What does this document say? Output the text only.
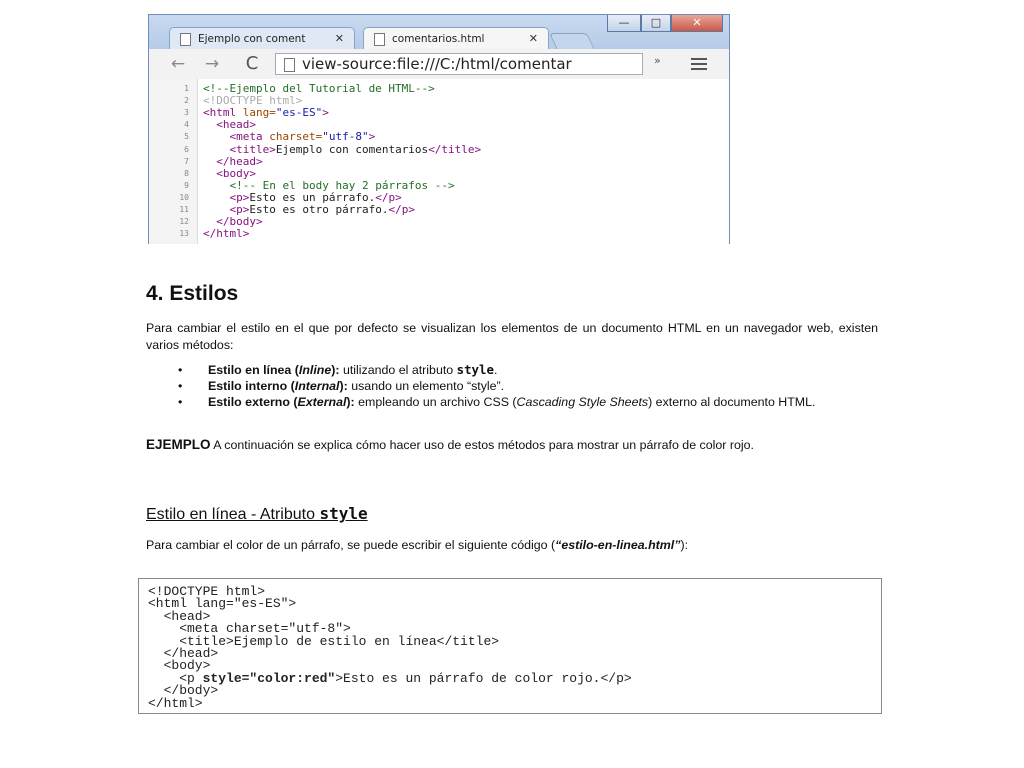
Ejemplo con coment	✕	comentarios.html	✕
—	□	✕
← → C	view-source:file:///C:/html/comentar	»
1 <!--Ejemplo del Tutorial de HTML-->
2 <!DOCTYPE html>
3 <html lang="es-ES">
4	<head>
5	<meta charset="utf-8">
6	<title>Ejemplo con comentarios</title>
7	</head>
8	<body>
9	<!-- En el body hay 2 párrafos -->
10	<p>Esto es un párrafo.</p>
11	<p>Esto es otro párrafo.</p>
12	</body>
13 </html>
4. Estilos
Para cambiar el estilo en el que por defecto se visualizan los elementos de un documento HTML en un navegador web, existen varios métodos:
• Estilo en línea (Inline): utilizando el atributo style.
• Estilo interno (Internal): usando un elemento “style”.
• Estilo externo (External): empleando un archivo CSS (Cascading Style Sheets) externo al documento HTML.
EJEMPLO A continuación se explica cómo hacer uso de estos métodos para mostrar un párrafo de color rojo.
Estilo en línea - Atributo style
Para cambiar el color de un párrafo, se puede escribir el siguiente código (“estilo-en-linea.html”):
<!DOCTYPE html>
<html lang="es-ES">
<head>
<meta charset="utf-8">
<title>Ejemplo de estilo en línea</title>
</head>
<body>
<p style="color:red">Esto es un párrafo de color rojo.</p>
</body>
</html>
